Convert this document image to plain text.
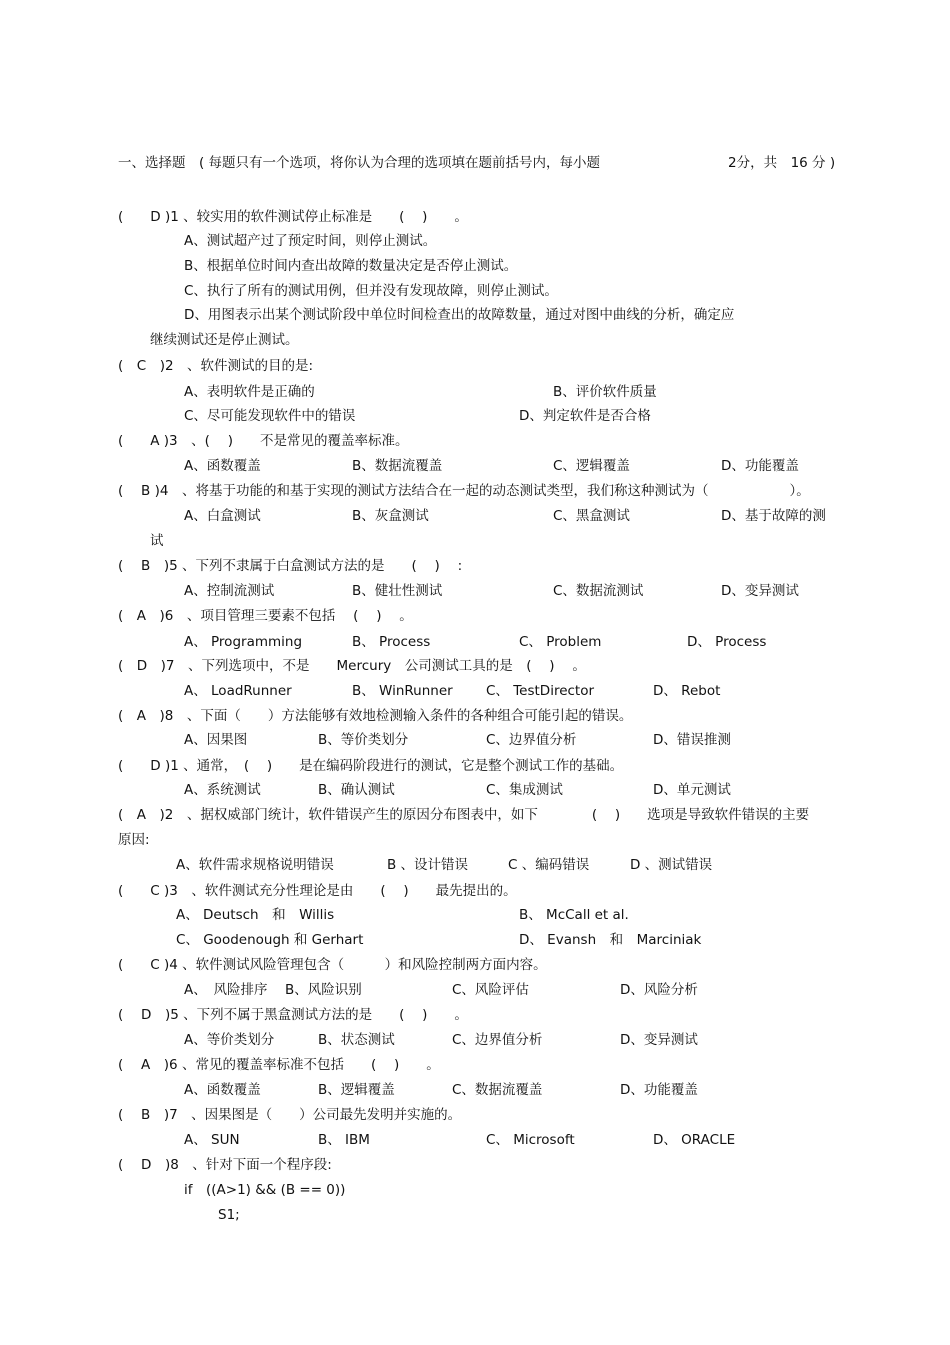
一、选择题　( 每题只有一个选项，将你认为合理的选项填在题前括号内，每小题	2分，共　16 分 )
(　　D )1 、较实用的软件测试停止标准是　　(　 )　　。
A、测试超产过了预定时间，则停止测试。
B、根据单位时间内查出故障的数量决定是否停止测试。
C、执行了所有的测试用例，但并没有发现故障，则停止测试。
D、用图表示出某个测试阶段中单位时间检查出的故障数量，通过对图中曲线的分析，确定应
继续测试还是停止测试。
(　C　)2　、软件测试的目的是:
A、表明软件是正确的	B、评价软件质量
C、尽可能发现软件中的错误	D、判定软件是否合格
(　　A )3　、(　 )　　不是常见的覆盖率标准。
A、函数覆盖	B、数据流覆盖	C、逻辑覆盖	D、功能覆盖
(　 B )4　、将基于功能的和基于实现的测试方法结合在一起的动态测试类型，我们称这种测试为（　　　　　　）。
A、白盒测试	B、灰盒测试	C、黑盒测试	D、基于故障的测
试
(　 B　)5 、下列不隶属于白盒测试方法的是　　(　 )　 :
A、控制流测试	B、健壮性测试	C、数据流测试	D、变异测试
(　A　)6　、项目管理三要素不包括　 (　 )　 。
A、 Programming	B、 Process	C、 Problem	D、 Process
(　D　)7　、下列选项中，不是　　Mercury　公司测试工具的是　(　 )　 。
A、 LoadRunner	B、 WinRunner C、 TestDirector	D、 Rebot
(　A　)8　、下面（　　）方法能够有效地检测输入条件的各种组合可能引起的错误。
A、因果图	B、等价类划分	C、边界值分析	D、错误推测
(　　D )1 、通常，　(　 )　　是在编码阶段进行的测试，它是整个测试工作的基础。
A、系统测试	B、确认测试	C、集成测试	D、单元测试
(　A　)2　、据权威部门统计，软件错误产生的原因分布图表中，如下　　　　(　 )　　选项是导致软件错误的主要
原因:
A、软件需求规格说明错误	B 、设计错误	C 、编码错误	D 、测试错误
(　　C )3　、软件测试充分性理论是由　　(　 )　　最先提出的。
A、 Deutsch　和　Willis	B、 McCall et al.
C、 Goodenough 和 Gerhart	D、 Evansh　和　Marciniak
(　　C )4 、软件测试风险管理包含（　　　）和风险控制两方面内容。
A、　风险排序 B、风险识别	C、风险评估	D、风险分析
(　 D　)5 、下列不属于黑盒测试方法的是　　(　 )　　。
A、等价类划分	B、状态测试	C、边界值分析	D、变异测试
(　 A　)6 、常见的覆盖率标准不包括　　(　 )　　。
A、函数覆盖	B、逻辑覆盖	C、数据流覆盖	D、功能覆盖
(　 B　)7　、因果图是（　　）公司最先发明并实施的。
A、 SUN	B、 IBM	C、 Microsoft	D、 ORACLE
(　 D　)8　、针对下面一个程序段:
if　((A>1) && (B == 0))
S1;
